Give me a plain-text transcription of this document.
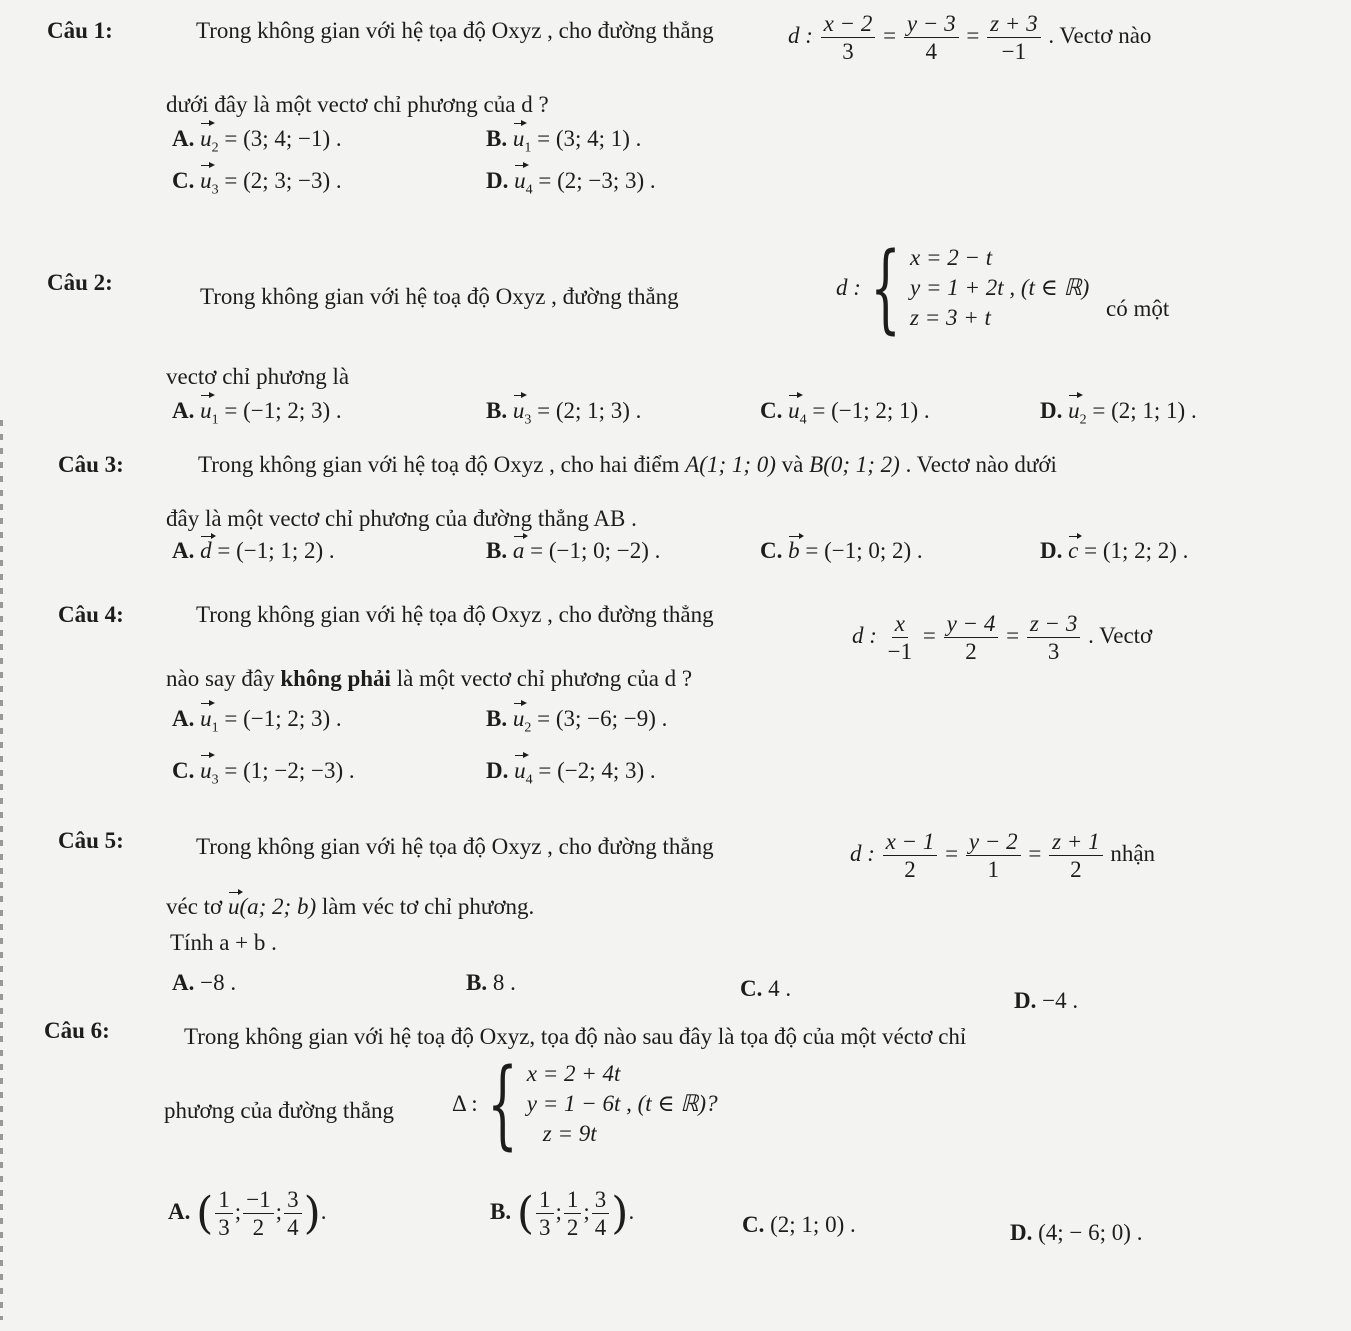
Câu 1:	Trong không gian với hệ tọa độ Oxyz , cho đường thẳng	d : $\frac{x - 2}{3} = \frac{y - 3}{4} = \frac{z + 3}{-1}$ . Vectơ nào
dưới đây là một vectơ chỉ phương của d ?
A. $u_2 = (3$; 4; −1) .	B. $u_1 = (3$; 4; 1) .
C. $u_3 = (2$; 3; −3) .	D. $u_4 = (2$; −3; 3) .
Câu 2:
Trong không gian với hệ toạ độ Oxyz , đường thẳng	d : { x = 2 − t
y = 1 + 2t , (t ∈ ℝ)
z = 3 + t	có một
vectơ chỉ phương là
A. $u_1 = (-1$; 2; 3) .	B. $u_3 = (2$; 1; 3) .	C. $u_4 = (-1$; 2; 1) .	D. $u_2 = (2$; 1; 1) .
Câu 3:	Trong không gian với hệ toạ độ Oxyz , cho hai điểm A(1; 1; 0) và B(0; 1; 2) . Vectơ nào dưới
đây là một vectơ chỉ phương của đường thẳng AB .
A. d = (−1; 1; 2) .	B. a = (−1; 0; −2) .	C. b = (−1; 0; 2) .	D. c = (1; 2; 2) .
Câu 4:	Trong không gian với hệ tọa độ Oxyz , cho đường thẳng
d : $\frac{x}{-1} = \frac{y - 4}{2} = \frac{z - 3}{3}$ . Vectơ
nào say đây không phải là một vectơ chỉ phương của d ?
A. $u_1 = (-1$; 2; 3) .	B. $u_2 = (3$; −6; −9) .
C. $u_3 = (1$; −2; −3) .	D. $u_4 = (-2$; 4; 3) .
Câu 5:	Trong không gian với hệ tọa độ Oxyz , cho đường thẳng	d : $\frac{x - 1}{2} = \frac{y - 2}{1} = \frac{z + 1}{2}$ nhận
véc tơ u(a; 2; b) làm véc tơ chỉ phương.
Tính a + b .
A. −8 .	B. 8 .	C. 4 .	D. −4 .
Câu 6:	Trong không gian với hệ toạ độ Oxyz, tọa độ nào sau đây là tọa độ của một véctơ chỉ
phương của đường thẳng	Δ : { x = 2 + 4t
y = 1 − 6t , (t ∈ ℝ)?
z = 9t
A. ( $\frac{1}{3}$ ; $\frac{-1}{2}$ ; $\frac{3}{4}$ ).	B. ( $\frac{1}{3}$ ; $\frac{1}{2}$ ; $\frac{3}{4}$ ).
C. (2; 1; 0) .	D. (4; − 6; 0) .
